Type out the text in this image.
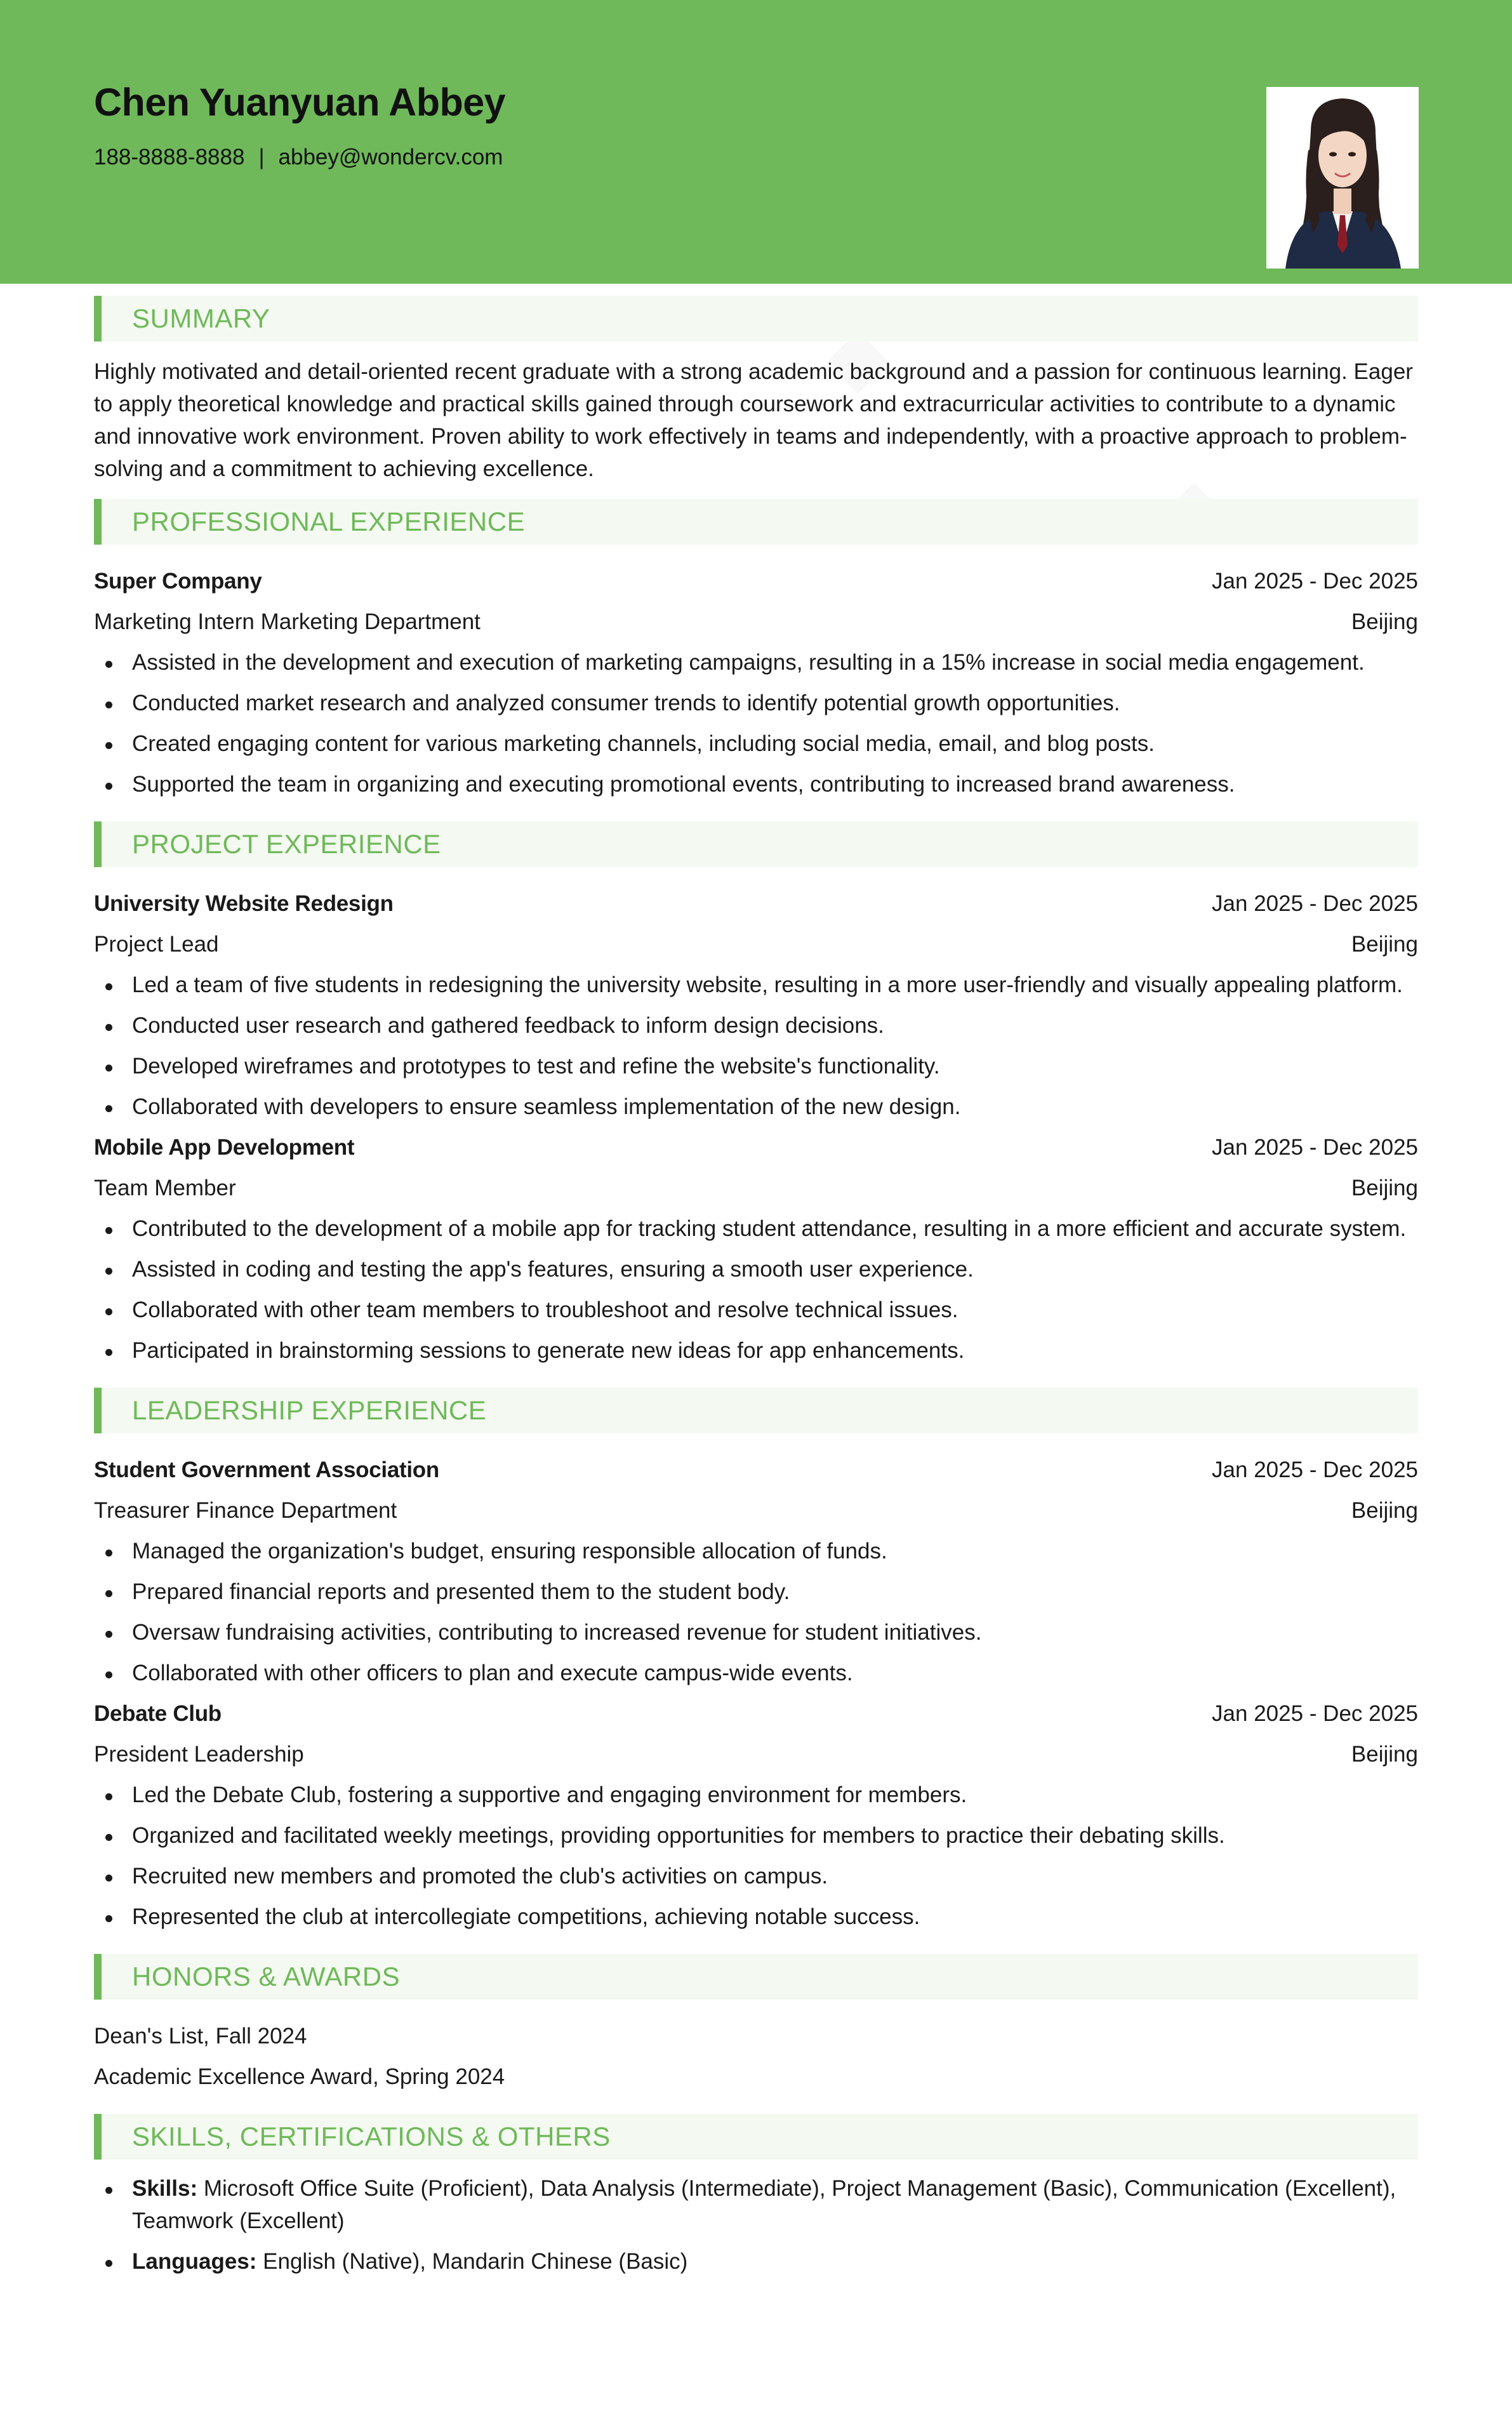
Chen Yuanyuan Abbey
188-8888-8888 | abbey@wondercv.com
SUMMARY
Highly motivated and detail-oriented recent graduate with a strong academic background and a passion for continuous learning. Eager to apply theoretical knowledge and practical skills gained through coursework and extracurricular activities to contribute to a dynamic and innovative work environment. Proven ability to work effectively in teams and independently, with a proactive approach to problem-solving and a commitment to achieving excellence.
PROFESSIONAL EXPERIENCE
Super Company	Jan 2025 - Dec 2025
Marketing Intern Marketing Department	Beijing
Assisted in the development and execution of marketing campaigns, resulting in a 15% increase in social media engagement.
Conducted market research and analyzed consumer trends to identify potential growth opportunities.
Created engaging content for various marketing channels, including social media, email, and blog posts.
Supported the team in organizing and executing promotional events, contributing to increased brand awareness.
PROJECT EXPERIENCE
University Website Redesign	Jan 2025 - Dec 2025
Project Lead	Beijing
Led a team of five students in redesigning the university website, resulting in a more user-friendly and visually appealing platform.
Conducted user research and gathered feedback to inform design decisions.
Developed wireframes and prototypes to test and refine the website's functionality.
Collaborated with developers to ensure seamless implementation of the new design.
Mobile App Development	Jan 2025 - Dec 2025
Team Member	Beijing
Contributed to the development of a mobile app for tracking student attendance, resulting in a more efficient and accurate system.
Assisted in coding and testing the app's features, ensuring a smooth user experience.
Collaborated with other team members to troubleshoot and resolve technical issues.
Participated in brainstorming sessions to generate new ideas for app enhancements.
LEADERSHIP EXPERIENCE
Student Government Association	Jan 2025 - Dec 2025
Treasurer Finance Department	Beijing
Managed the organization's budget, ensuring responsible allocation of funds.
Prepared financial reports and presented them to the student body.
Oversaw fundraising activities, contributing to increased revenue for student initiatives.
Collaborated with other officers to plan and execute campus-wide events.
Debate Club	Jan 2025 - Dec 2025
President Leadership	Beijing
Led the Debate Club, fostering a supportive and engaging environment for members.
Organized and facilitated weekly meetings, providing opportunities for members to practice their debating skills.
Recruited new members and promoted the club's activities on campus.
Represented the club at intercollegiate competitions, achieving notable success.
HONORS & AWARDS
Dean's List, Fall 2024
Academic Excellence Award, Spring 2024
SKILLS, CERTIFICATIONS & OTHERS
Skills: Microsoft Office Suite (Proficient), Data Analysis (Intermediate), Project Management (Basic), Communication (Excellent), Teamwork (Excellent)
Languages: English (Native), Mandarin Chinese (Basic)
